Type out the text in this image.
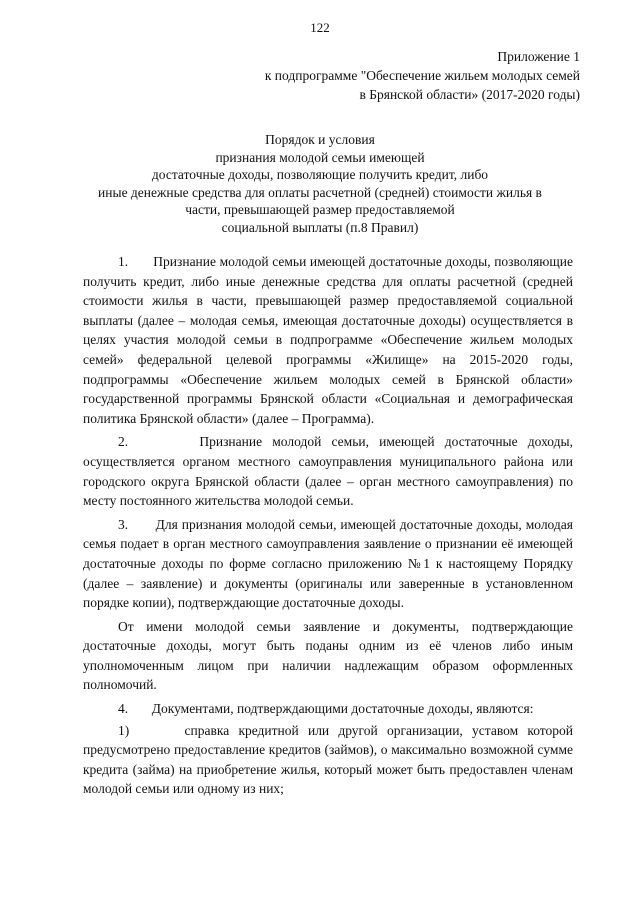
122
Приложение 1
к подпрограмме "Обеспечение жильем молодых семей
в Брянской области» (2017-2020 годы)
Порядок и условия
признания молодой семьи имеющей
достаточные доходы, позволяющие получить кредит, либо
иные денежные средства для оплаты расчетной (средней) стоимости жилья в
части, превышающей размер предоставляемой
социальной выплаты (п.8 Правил)

1.       Признание молодой семьи имеющей достаточные доходы, позволяющие получить кредит, либо иные денежные средства для оплаты расчетной (средней стоимости жилья в части, превышающей размер предоставляемой социальной выплаты (далее – молодая семья, имеющая достаточные доходы) осуществляется в целях участия молодой семьи в подпрограмме «Обеспечение жильем молодых семей» федеральной целевой программы «Жилище» на 2015-2020 годы, подпрограммы «Обеспечение жильем молодых семей в Брянской области» государственной программы Брянской области «Социальная и демографическая политика Брянской области» (далее – Программа).

2.       Признание молодой семьи, имеющей достаточные доходы, осуществляется органом местного самоуправления муниципального района или городского округа Брянской области (далее – орган местного самоуправления) по месту постоянного жительства молодой семьи.

3.       Для признания молодой семьи, имеющей достаточные доходы, молодая семья подает в орган местного самоуправления заявление о признании её имеющей достаточные доходы по форме согласно приложению №1 к настоящему Порядку (далее – заявление) и документы (оригиналы или заверенные в установленном порядке копии), подтверждающие достаточные доходы.

От имени молодой семьи заявление и документы, подтверждающие достаточные доходы, могут быть поданы одним из её членов либо иным уполномоченным лицом при наличии надлежащим образом оформленных полномочий.

4.       Документами, подтверждающими достаточные доходы, являются:

1)      справка кредитной или другой организации, уставом которой предусмотрено предоставление кредитов (займов), о максимально возможной сумме кредита (займа) на приобретение жилья, который может быть предоставлен членам молодой семьи или одному из них;
